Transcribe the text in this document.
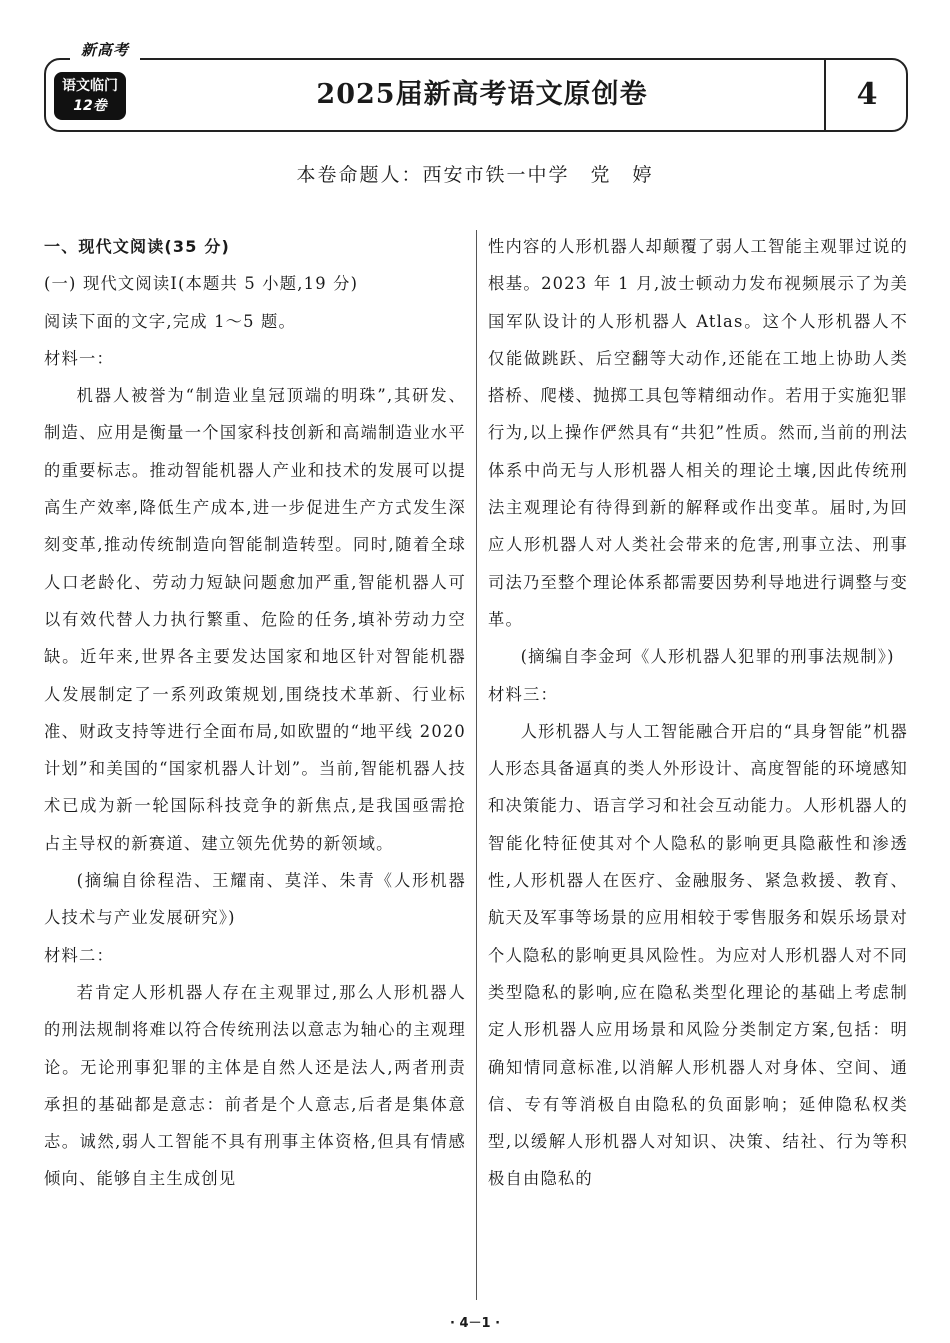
新高考
语文临门
12卷	2025届新高考语文原创卷	4
本卷命题人：西安市铁一中学　党　婷

一、现代文阅读(35 分)

(一) 现代文阅读Ⅰ(本题共 5 小题,19 分)

阅读下面的文字,完成 1～5 题。

材料一：

机器人被誉为“制造业皇冠顶端的明珠”,其研发、制造、应用是衡量一个国家科技创新和高端制造业水平的重要标志。推动智能机器人产业和技术的发展可以提高生产效率,降低生产成本,进一步促进生产方式发生深刻变革,推动传统制造向智能制造转型。同时,随着全球人口老龄化、劳动力短缺问题愈加严重,智能机器人可以有效代替人力执行繁重、危险的任务,填补劳动力空缺。近年来,世界各主要发达国家和地区针对智能机器人发展制定了一系列政策规划,围绕技术革新、行业标准、财政支持等进行全面布局,如欧盟的“地平线 2020 计划”和美国的“国家机器人计划”。当前,智能机器人技术已成为新一轮国际科技竞争的新焦点,是我国亟需抢占主导权的新赛道、建立领先优势的新领域。

(摘编自徐程浩、王耀南、莫洋、朱青《人形机器人技术与产业发展研究》)

材料二：

若肯定人形机器人存在主观罪过,那么人形机器人的刑法规制将难以符合传统刑法以意志为轴心的主观理论。无论刑事犯罪的主体是自然人还是法人,两者刑责承担的基础都是意志：前者是个人意志,后者是集体意志。诚然,弱人工智能不具有刑事主体资格,但具有情感倾向、能够自主生成创见

性内容的人形机器人却颠覆了弱人工智能主观罪过说的根基。2023 年 1 月,波士顿动力发布视频展示了为美国军队设计的人形机器人 Atlas。这个人形机器人不仅能做跳跃、后空翻等大动作,还能在工地上协助人类搭桥、爬楼、抛掷工具包等精细动作。若用于实施犯罪行为,以上操作俨然具有“共犯”性质。然而,当前的刑法体系中尚无与人形机器人相关的理论土壤,因此传统刑法主观理论有待得到新的解释或作出变革。届时,为回应人形机器人对人类社会带来的危害,刑事立法、刑事司法乃至整个理论体系都需要因势利导地进行调整与变革。

(摘编自李金珂《人形机器人犯罪的刑事法规制》)

材料三：

人形机器人与人工智能融合开启的“具身智能”机器人形态具备逼真的类人外形设计、高度智能的环境感知和决策能力、语言学习和社会互动能力。人形机器人的智能化特征使其对个人隐私的影响更具隐蔽性和渗透性,人形机器人在医疗、金融服务、紧急救援、教育、航天及军事等场景的应用相较于零售服务和娱乐场景对个人隐私的影响更具风险性。为应对人形机器人对不同类型隐私的影响,应在隐私类型化理论的基础上考虑制定人形机器人应用场景和风险分类制定方案,包括：明确知情同意标准,以消解人形机器人对身体、空间、通信、专有等消极自由隐私的负面影响；延伸隐私权类型,以缓解人形机器人对知识、决策、结社、行为等积极自由隐私的

· 4－1 ·
